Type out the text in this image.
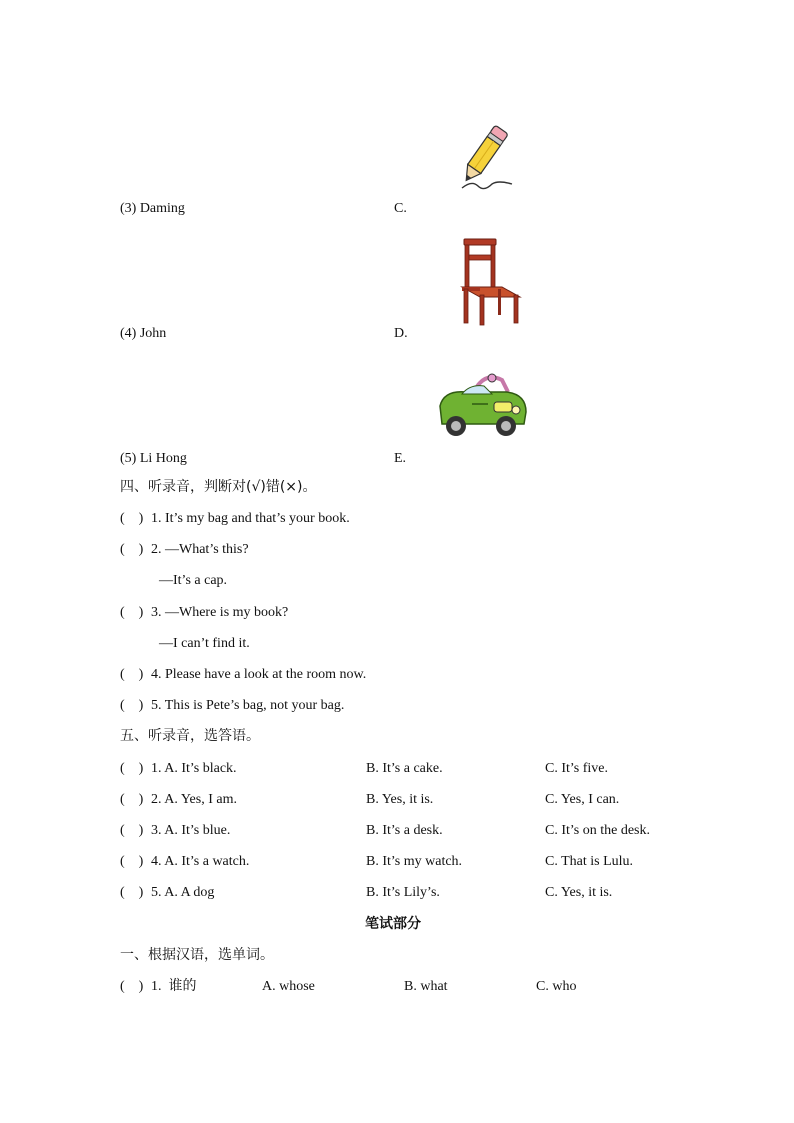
(3) Daming	C.
(4) John	D.
(5) Li Hong	E.
四、听录音，判断对(√)错(×)。
(    ) 1. It’s my bag and that’s your book.
(    ) 2. —What’s this?
—It’s a cap.
(    ) 3. —Where is my book?
—I can’t find it.
(    ) 4. Please have a look at the room now.
(    ) 5. This is Pete’s bag, not your bag.
五、听录音，选答语。
(    ) 1. A. It’s black.	B. It’s a cake.	C. It’s five.
(    ) 2. A. Yes, I am.	B. Yes, it is.	C. Yes, I can.
(    ) 3. A. It’s blue.	B. It’s a desk.	C. It’s on the desk.
(    ) 4. A. It’s a watch.	B. It’s my watch.	C. That is Lulu.
(    ) 5. A. A dog	B. It’s Lily’s.	C. Yes, it is.
笔试部分
一、根据汉语，选单词。
(    ) 1.  谁的	A. whose	B. what	C. who
